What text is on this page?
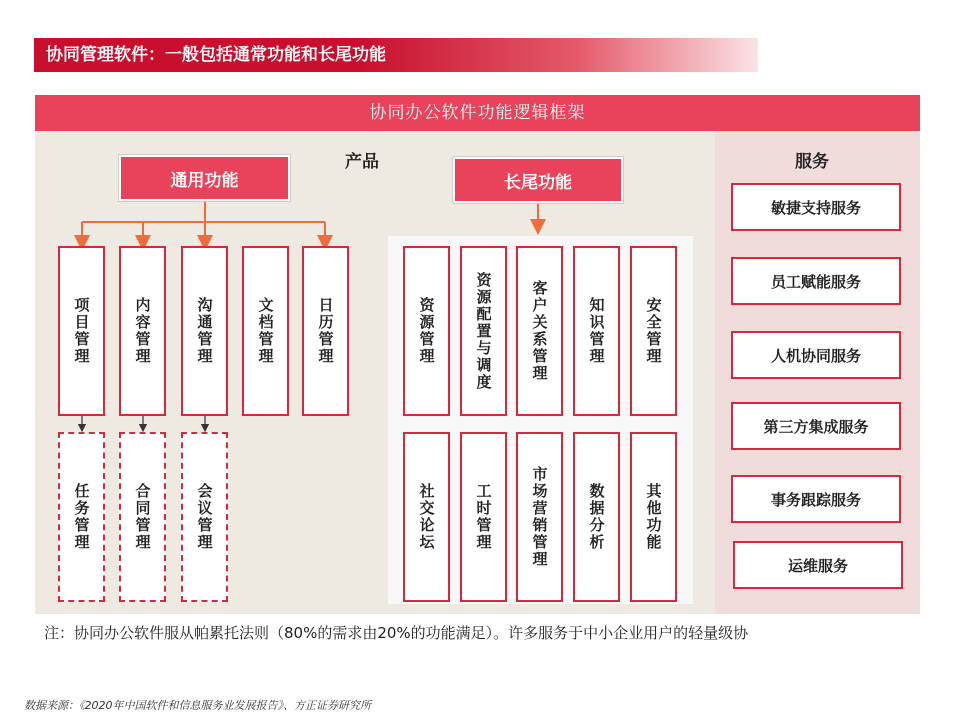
协同管理软件：一般包括通常功能和长尾功能
协同办公软件功能逻辑框架
产品	服务
通用功能	长尾功能
项目管理	内容管理	沟通管理	文档管理	日历管理
任务管理	合同管理	会议管理
资源管理	资源配置与调度	客户关系管理	知识管理	安全管理
社交论坛	工时管理	市场营销管理	数据分析	其他功能
敏捷支持服务
员工赋能服务
人机协同服务
第三方集成服务
事务跟踪服务
运维服务
注：协同办公软件服从帕累托法则（80%的需求由20%的功能满足）。许多服务于中小企业用户的轻量级协
数据来源：《2020年中国软件和信息服务业发展报告》、方正证券研究所
